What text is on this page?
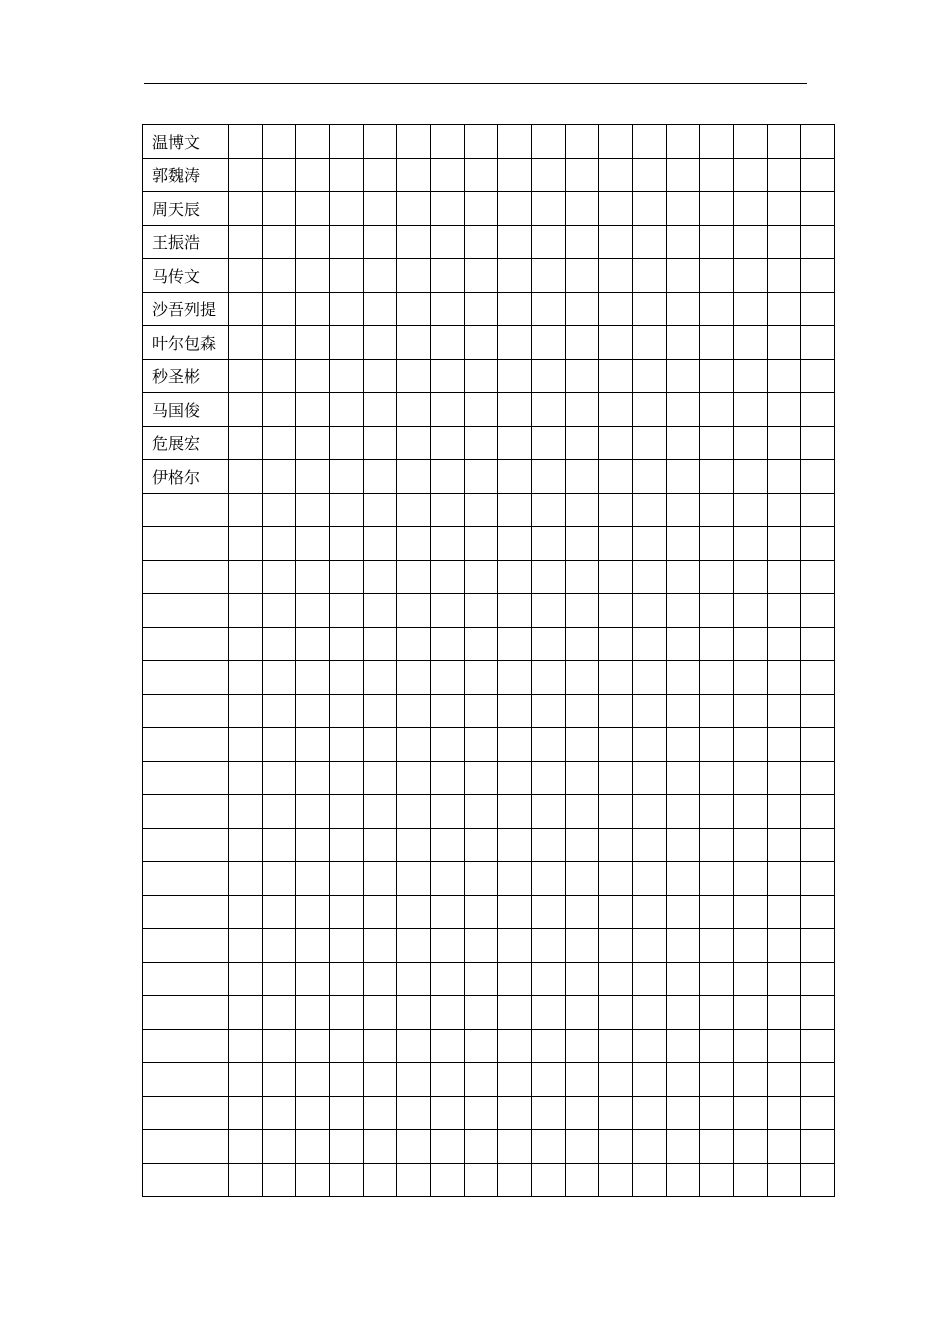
温博文																		
郭魏涛																		
周天辰																		
王振浩																		
马传文																		
沙吾列提																		
叶尔包森																		
秒圣彬																		
马国俊																		
危展宏																		
伊格尔																		
